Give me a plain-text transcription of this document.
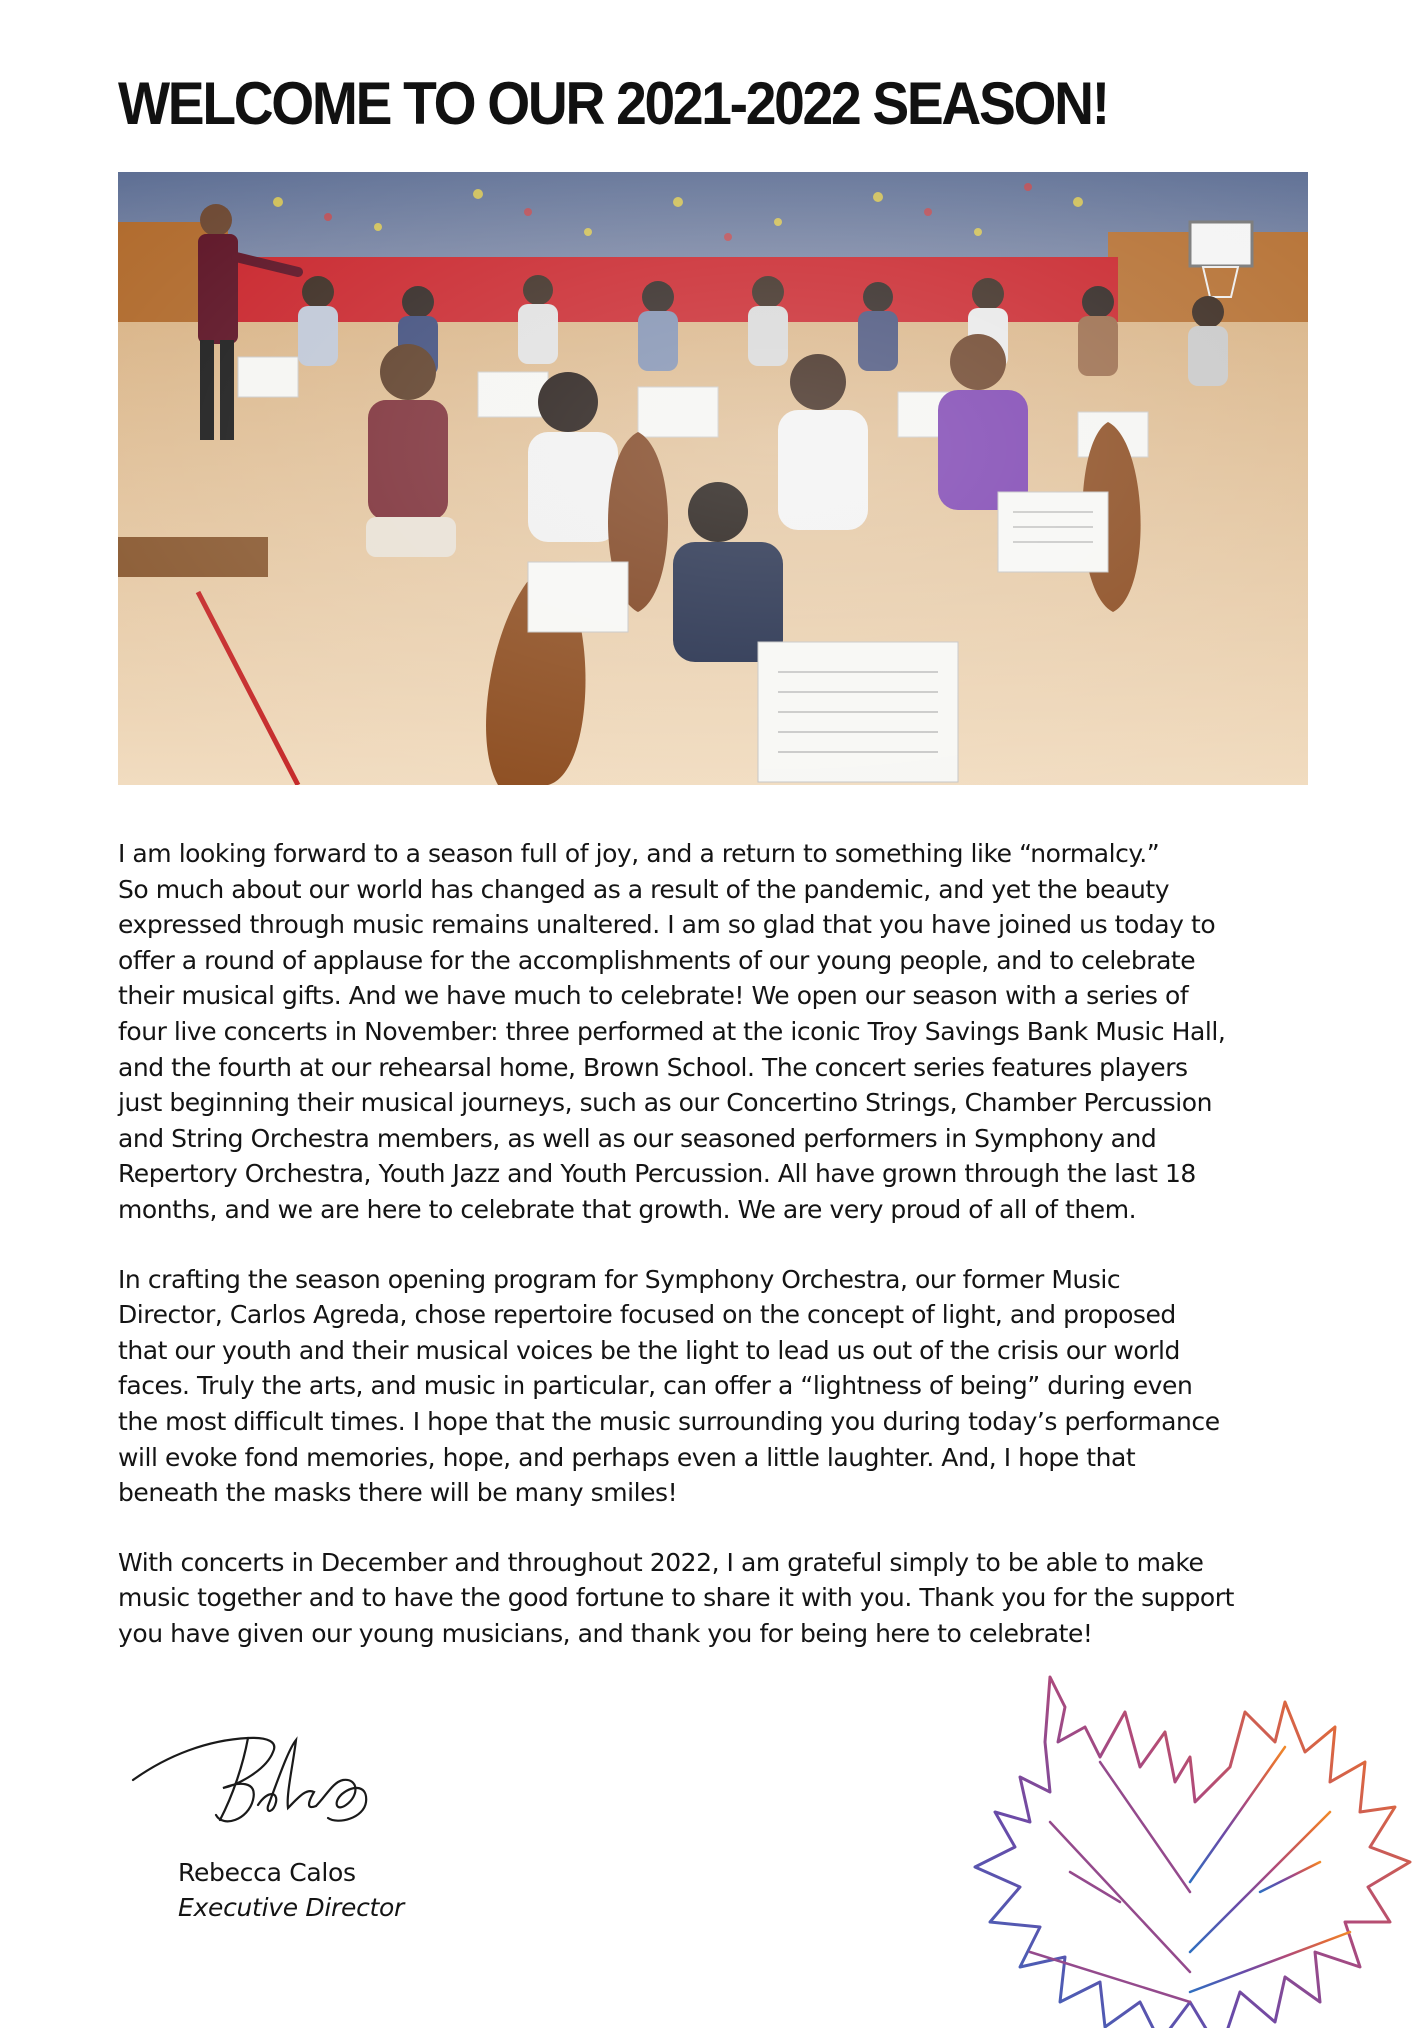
WELCOME TO OUR 2021-2022 SEASON!

I am looking forward to a season full of joy, and a return to something like “normalcy.”
So much about our world has changed as a result of the pandemic, and yet the beauty
expressed through music remains unaltered. I am so glad that you have joined us today to
offer a round of applause for the accomplishments of our young people, and to celebrate
their musical gifts. And we have much to celebrate! We open our season with a series of
four live concerts in November: three performed at the iconic Troy Savings Bank Music Hall,
and the fourth at our rehearsal home, Brown School. The concert series features players
just beginning their musical journeys, such as our Concertino Strings, Chamber Percussion
and String Orchestra members, as well as our seasoned performers in Symphony and
Repertory Orchestra, Youth Jazz and Youth Percussion. All have grown through the last 18
months, and we are here to celebrate that growth. We are very proud of all of them.

In crafting the season opening program for Symphony Orchestra, our former Music
Director, Carlos Agreda, chose repertoire focused on the concept of light, and proposed
that our youth and their musical voices be the light to lead us out of the crisis our world
faces. Truly the arts, and music in particular, can offer a “lightness of being” during even
the most difficult times. I hope that the music surrounding you during today’s performance
will evoke fond memories, hope, and perhaps even a little laughter. And, I hope that
beneath the masks there will be many smiles!

With concerts in December and throughout 2022, I am grateful simply to be able to make
music together and to have the good fortune to share it with you. Thank you for the support
you have given our young musicians, and thank you for being here to celebrate!

Rebecca Calos
Executive Director
